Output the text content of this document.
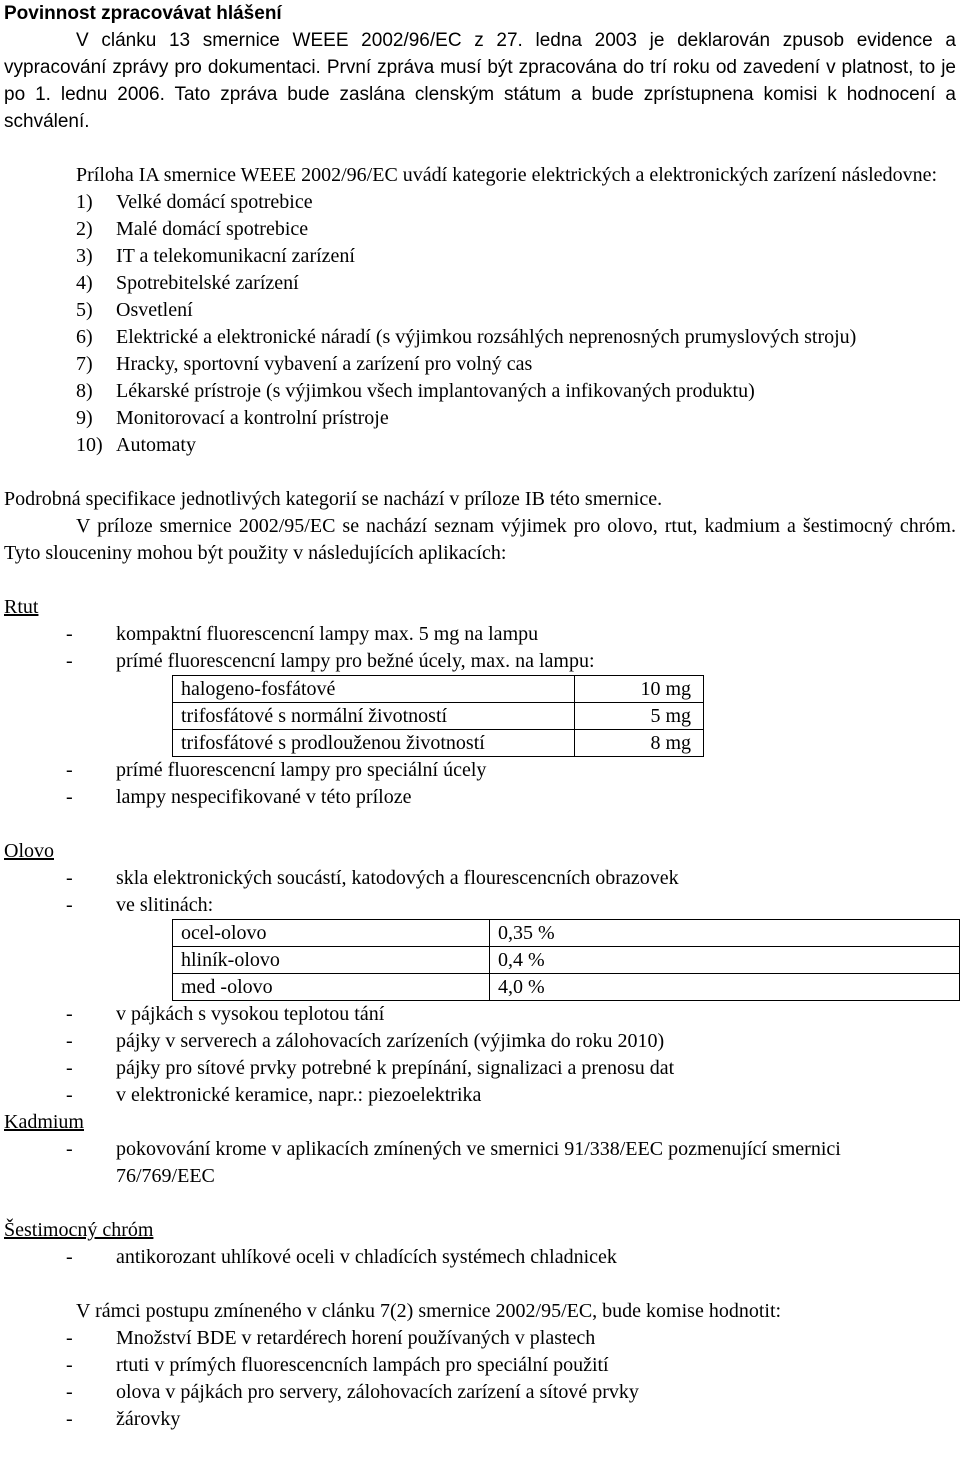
Povinnost zpracovávat hlášení
V clánku 13 smernice WEEE 2002/96/EC z 27. ledna 2003 je deklarován zpusob evidence a vypracování zprávy pro dokumentaci. První zpráva musí být zpracována do trí roku od zavedení v platnost, to je po 1. lednu 2006. Tato zpráva bude zaslána clenským státum a bude zprístupnena komisi k hodnocení a schválení.
Príloha IA smernice WEEE 2002/96/EC uvádí kategorie elektrických a elektronických zarízení následovne:
1) Velké domácí spotrebice
2) Malé domácí spotrebice
3) IT a telekomunikacní zarízení
4) Spotrebitelské zarízení
5) Osvetlení
6) Elektrické a elektronické náradí (s výjimkou rozsáhlých neprenosných prumyslových stroju)
7) Hracky, sportovní vybavení a zarízení pro volný cas
8) Lékarské prístroje (s výjimkou všech implantovaných a infikovaných produktu)
9) Monitorovací a kontrolní prístroje
10) Automaty
Podrobná specifikace jednotlivých kategorií se nachází v príloze IB této smernice.
V príloze smernice 2002/95/EC se nachází seznam výjimek pro olovo, rtut, kadmium a šestimocný chróm. Tyto slouceniny mohou být použity v následujících aplikacích:
Rtut
- kompaktní fluorescencní lampy max. 5 mg na lampu
- prímé fluorescencní lampy pro bežné úcely, max. na lampu:
halogeno-fosfátové	10 mg
trifosfátové s normální životností	5 mg
trifosfátové s prodlouženou životností	8 mg
- prímé fluorescencní lampy pro speciální úcely
- lampy nespecifikované v této príloze
Olovo
- skla elektronických soucástí, katodových a flourescencních obrazovek
- ve slitinách:
ocel-olovo	0,35 %
hliník-olovo	0,4 %
med -olovo	4,0 %
- v pájkách s vysokou teplotou tání
- pájky v serverech a zálohovacích zarízeních (výjimka do roku 2010)
- pájky pro sítové prvky potrebné k prepínání, signalizaci a prenosu dat
- v elektronické keramice, napr.: piezoelektrika
Kadmium
- pokovování krome v aplikacích zmínených ve smernici 91/338/EEC pozmenující smernici
76/769/EEC
Šestimocný chróm
- antikorozant uhlíkové oceli v chladících systémech chladnicek
V rámci postupu zmíneného v clánku 7(2) smernice 2002/95/EC, bude komise hodnotit:
- Množství BDE v retardérech horení používaných v plastech
- rtuti v prímých fluorescencních lampách pro speciální použití
- olova v pájkách pro servery, zálohovacích zarízení a sítové prvky
- žárovky
